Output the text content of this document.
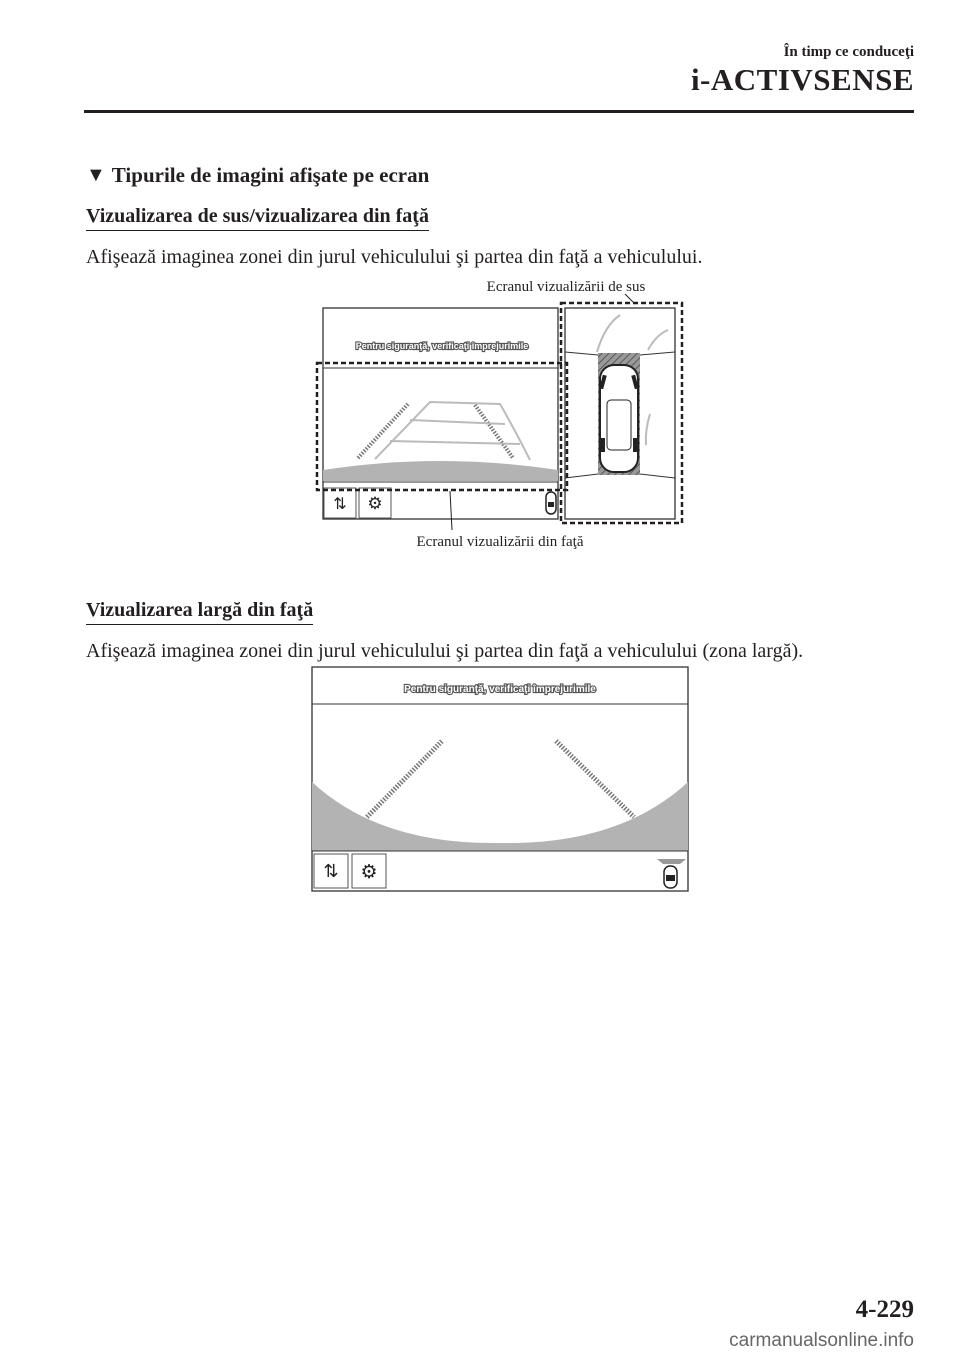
În timp ce conduceţi
i-ACTIVSENSE
▼ Tipurile de imagini afişate pe ecran
Vizualizarea de sus/vizualizarea din faţă
Afişează imaginea zonei din jurul vehiculului şi partea din faţă a vehiculului.
Ecranul vizualizării de sus
Pentru siguranţă, verificaţi împrejurimile
⇅ ⚙
Ecranul vizualizării din faţă
Vizualizarea largă din faţă
Afişează imaginea zonei din jurul vehiculului şi partea din faţă a vehiculului (zona largă).
Pentru siguranţă, verificaţi împrejurimile
⇅ ⚙
4-229
carmanualsonline.info
